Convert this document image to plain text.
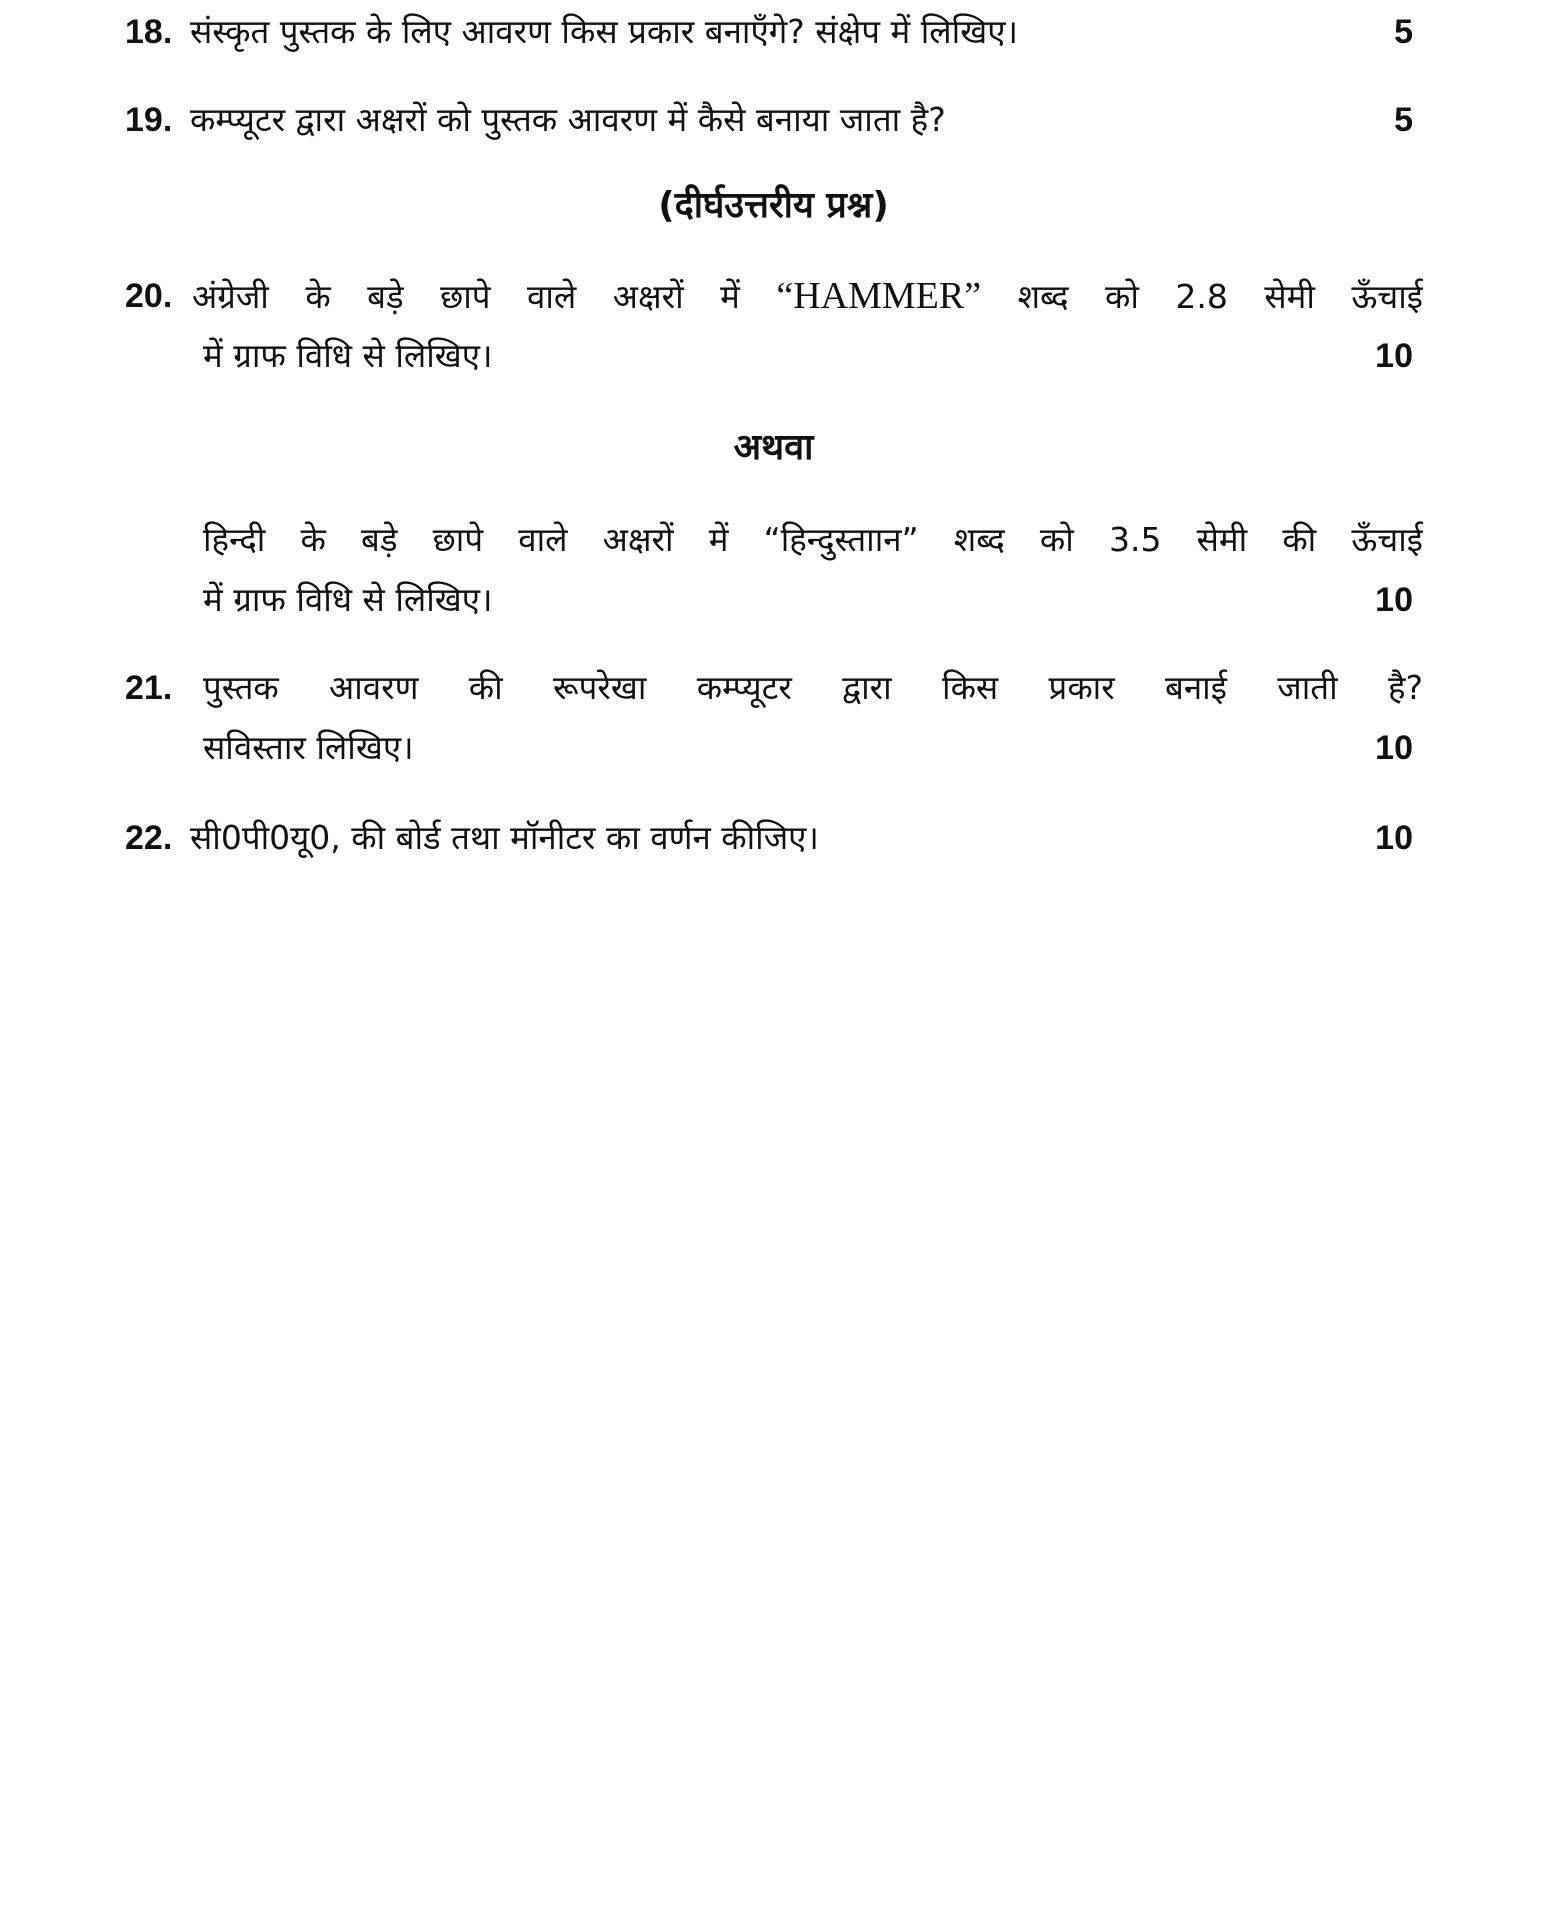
18. संस्कृत पुस्तक के लिए आवरण किस प्रकार बनाएँगे? संक्षेप में लिखिए।	5
19. कम्प्यूटर द्वारा अक्षरों को पुस्तक आवरण में कैसे बनाया जाता है?	5
(दीर्घउत्तरीय प्रश्न)
20. अंग्रेजी के बड़े छापे वाले अक्षरों में “HAMMER” शब्द को 2.8 सेमी ऊँचाई
में ग्राफ विधि से लिखिए।	10
अथवा
हिन्दी के बड़े छापे वाले अक्षरों में “हिन्दुस्ताान” शब्द को 3.5 सेमी की ऊँचाई
में ग्राफ विधि से लिखिए।	10
21. पुस्तक आवरण की रूपरेखा कम्प्यूटर द्वारा किस प्रकार बनाई जाती है?
सविस्तार लिखिए।	10
22. सी0पी0यू0, की बोर्ड तथा मॉनीटर का वर्णन कीजिए।	10
